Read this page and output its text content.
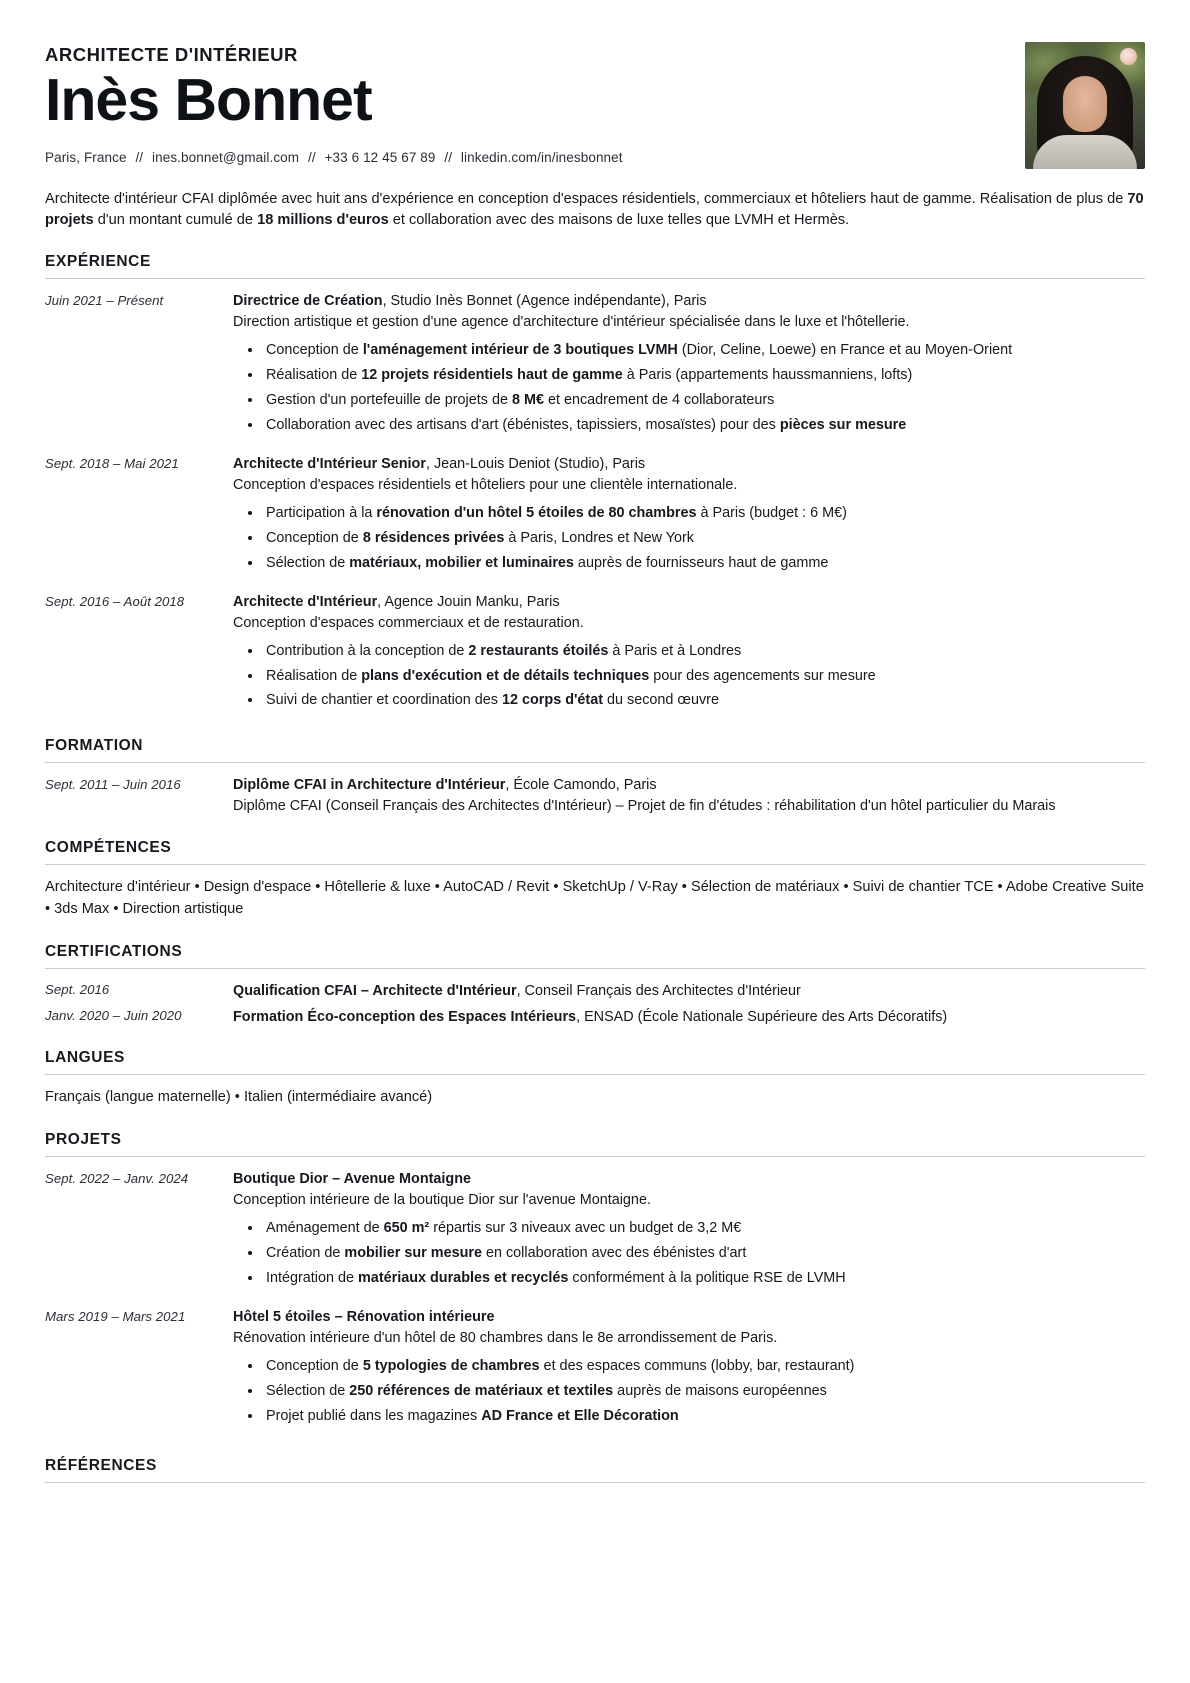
ARCHITECTE D'INTÉRIEUR
Inès Bonnet
Paris, France // ines.bonnet@gmail.com // +33 6 12 45 67 89 // linkedin.com/in/inesbonnet
Architecte d'intérieur CFAI diplômée avec huit ans d'expérience en conception d'espaces résidentiels, commerciaux et hôteliers haut de gamme. Réalisation de plus de 70 projets d'un montant cumulé de 18 millions d'euros et collaboration avec des maisons de luxe telles que LVMH et Hermès.
EXPÉRIENCE
Juin 2021 – Présent	Directrice de Création, Studio Inès Bonnet (Agence indépendante), Paris
Direction artistique et gestion d'une agence d'architecture d'intérieur spécialisée dans le luxe et l'hôtellerie.
• Conception de l'aménagement intérieur de 3 boutiques LVMH (Dior, Celine, Loewe) en France et au Moyen-Orient
• Réalisation de 12 projets résidentiels haut de gamme à Paris (appartements haussmanniens, lofts)
• Gestion d'un portefeuille de projets de 8 M€ et encadrement de 4 collaborateurs
• Collaboration avec des artisans d'art (ébénistes, tapissiers, mosaïstes) pour des pièces sur mesure
Sept. 2018 – Mai 2021	Architecte d'Intérieur Senior, Jean-Louis Deniot (Studio), Paris
Conception d'espaces résidentiels et hôteliers pour une clientèle internationale.
• Participation à la rénovation d'un hôtel 5 étoiles de 80 chambres à Paris (budget : 6 M€)
• Conception de 8 résidences privées à Paris, Londres et New York
• Sélection de matériaux, mobilier et luminaires auprès de fournisseurs haut de gamme
Sept. 2016 – Août 2018	Architecte d'Intérieur, Agence Jouin Manku, Paris
Conception d'espaces commerciaux et de restauration.
• Contribution à la conception de 2 restaurants étoilés à Paris et à Londres
• Réalisation de plans d'exécution et de détails techniques pour des agencements sur mesure
• Suivi de chantier et coordination des 12 corps d'état du second œuvre
FORMATION
Sept. 2011 – Juin 2016	Diplôme CFAI in Architecture d'Intérieur, École Camondo, Paris
Diplôme CFAI (Conseil Français des Architectes d'Intérieur) – Projet de fin d'études : réhabilitation d'un hôtel particulier du Marais
COMPÉTENCES
Architecture d'intérieur • Design d'espace • Hôtellerie & luxe • AutoCAD / Revit • SketchUp / V-Ray • Sélection de matériaux • Suivi de chantier TCE • Adobe Creative Suite • 3ds Max • Direction artistique
CERTIFICATIONS
Sept. 2016	Qualification CFAI – Architecte d'Intérieur, Conseil Français des Architectes d'Intérieur
Janv. 2020 – Juin 2020	Formation Éco-conception des Espaces Intérieurs, ENSAD (École Nationale Supérieure des Arts Décoratifs)
LANGUES
Français (langue maternelle) • Italien (intermédiaire avancé)
PROJETS
Sept. 2022 – Janv. 2024	Boutique Dior – Avenue Montaigne
Conception intérieure de la boutique Dior sur l'avenue Montaigne.
• Aménagement de 650 m² répartis sur 3 niveaux avec un budget de 3,2 M€
• Création de mobilier sur mesure en collaboration avec des ébénistes d'art
• Intégration de matériaux durables et recyclés conformément à la politique RSE de LVMH
Mars 2019 – Mars 2021	Hôtel 5 étoiles – Rénovation intérieure
Rénovation intérieure d'un hôtel de 80 chambres dans le 8e arrondissement de Paris.
• Conception de 5 typologies de chambres et des espaces communs (lobby, bar, restaurant)
• Sélection de 250 références de matériaux et textiles auprès de maisons européennes
• Projet publié dans les magazines AD France et Elle Décoration
RÉFÉRENCES
